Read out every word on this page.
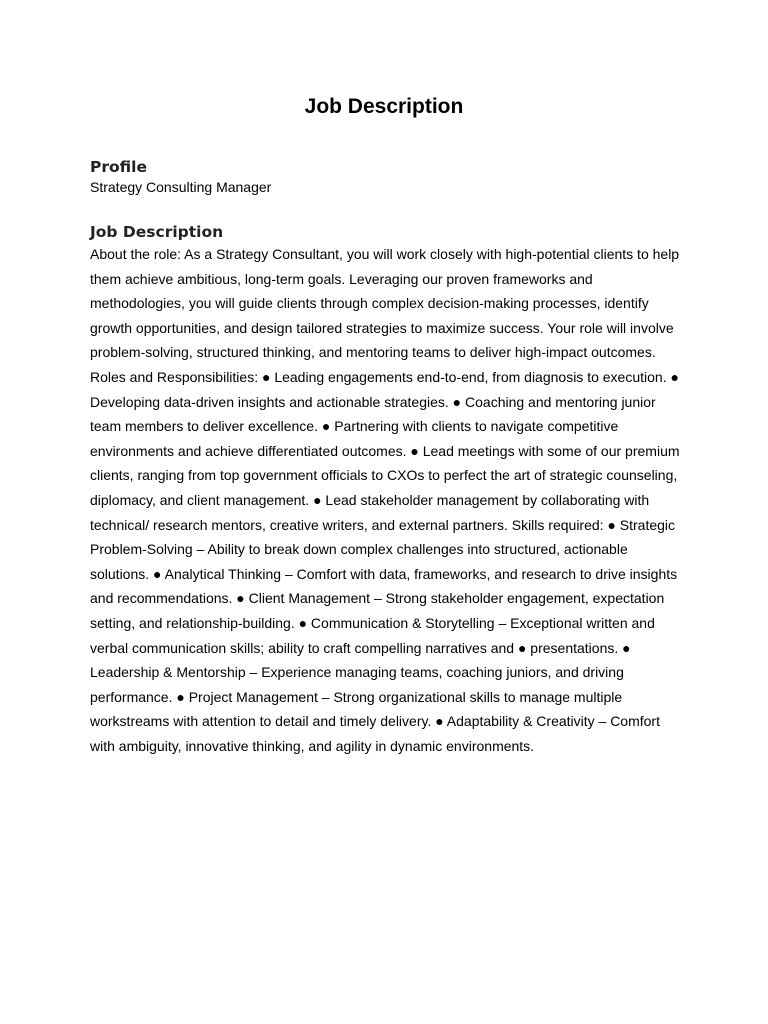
Job Description
Profile

Strategy Consulting Manager

Job Description

About the role: As a Strategy Consultant, you will work closely with high-potential clients to help them achieve ambitious, long-term goals. Leveraging our proven frameworks and methodologies, you will guide clients through complex decision-making processes, identify growth opportunities, and design tailored strategies to maximize success. Your role will involve problem-solving, structured thinking, and mentoring teams to deliver high-impact outcomes. Roles and Responsibilities: ● Leading engagements end-to-end, from diagnosis to execution. ● Developing data-driven insights and actionable strategies. ● Coaching and mentoring junior team members to deliver excellence. ● Partnering with clients to navigate competitive environments and achieve differentiated outcomes. ● Lead meetings with some of our premium clients, ranging from top government officials to CXOs to perfect the art of strategic counseling, diplomacy, and client management. ● Lead stakeholder management by collaborating with technical/ research mentors, creative writers, and external partners. Skills required: ● Strategic Problem-Solving – Ability to break down complex challenges into structured, actionable solutions. ● Analytical Thinking – Comfort with data, frameworks, and research to drive insights and recommendations. ● Client Management – Strong stakeholder engagement, expectation setting, and relationship-building. ● Communication & Storytelling – Exceptional written and verbal communication skills; ability to craft compelling narratives and ● presentations. ● Leadership & Mentorship – Experience managing teams, coaching juniors, and driving performance. ● Project Management – Strong organizational skills to manage multiple workstreams with attention to detail and timely delivery. ● Adaptability & Creativity – Comfort with ambiguity, innovative thinking, and agility in dynamic environments.
